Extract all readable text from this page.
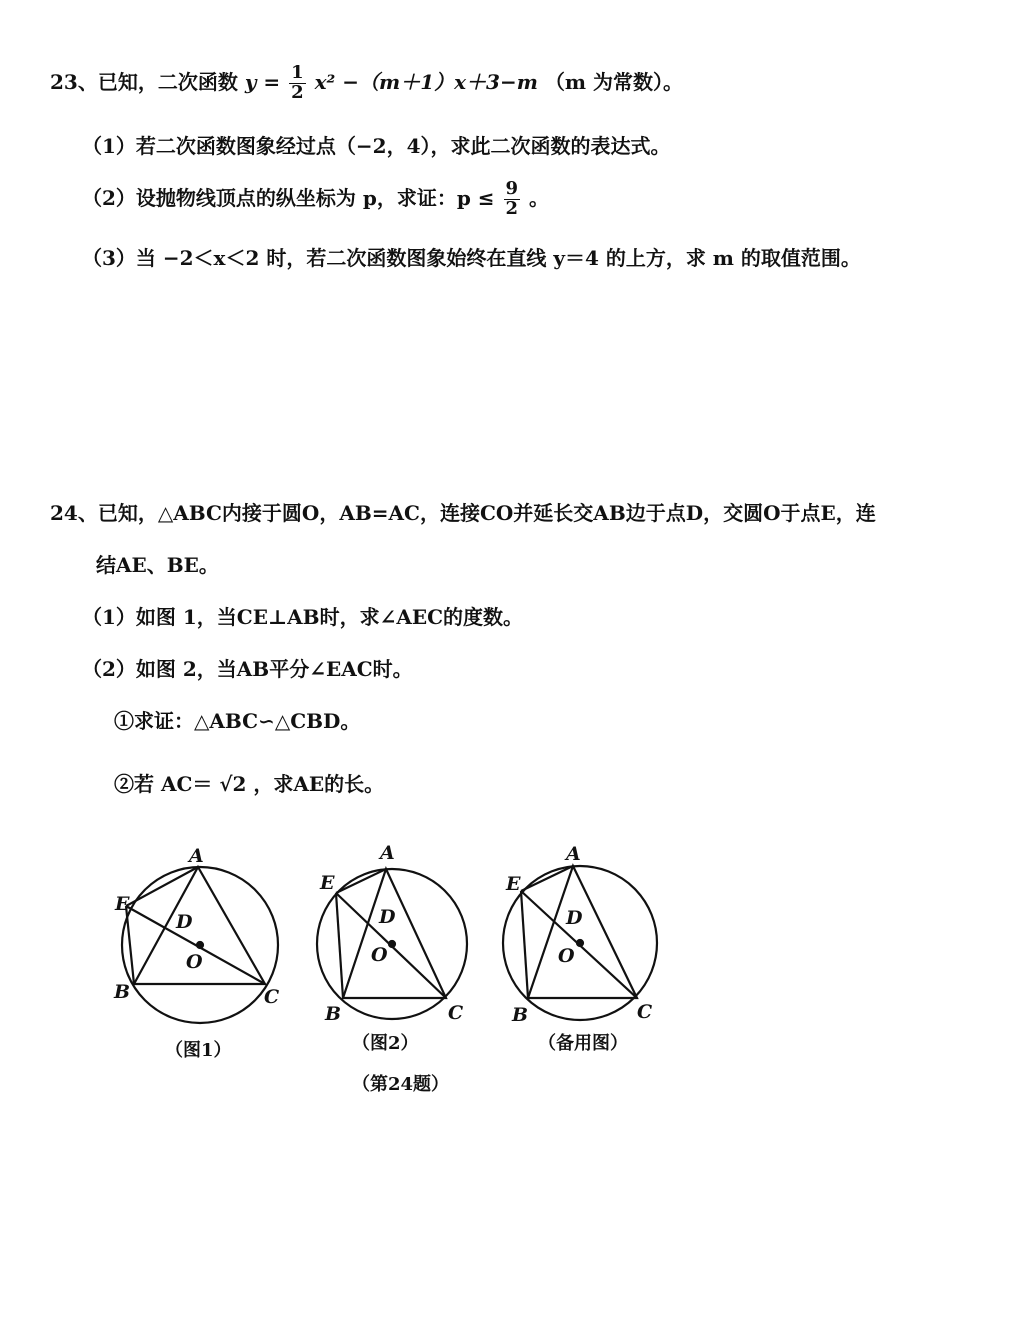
23、已知，二次函数 $y = \frac{1}{2} x^2 -(m+1)x+3-m$ （m 为常数）。
（1）若二次函数图象经过点（−2，4），求此二次函数的表达式。
（2）设抛物线顶点的纵坐标为 p，求证：$p \le \frac{9}{2}$ 。
（3）当 −2＜x＜2 时，若二次函数图象始终在直线 y＝4 的上方，求 m 的取值范围。
24、已知，△ABC内接于圆O，AB=AC，连接CO并延长交AB边于点D，交圆O于点E，连
结AE、BE。
（1）如图 1，当CE⊥AB时，求∠AEC的度数。
（2）如图 2，当AB平分∠EAC时。
①求证：△ABC∽△CBD。
②若 AC＝ √2 ，求AE的长。
A
E
D
O
B	C
A
E
D
O
B	C
A
E
D
O
B	C
（图1）	（图2）	（备用图）
（第24题）
